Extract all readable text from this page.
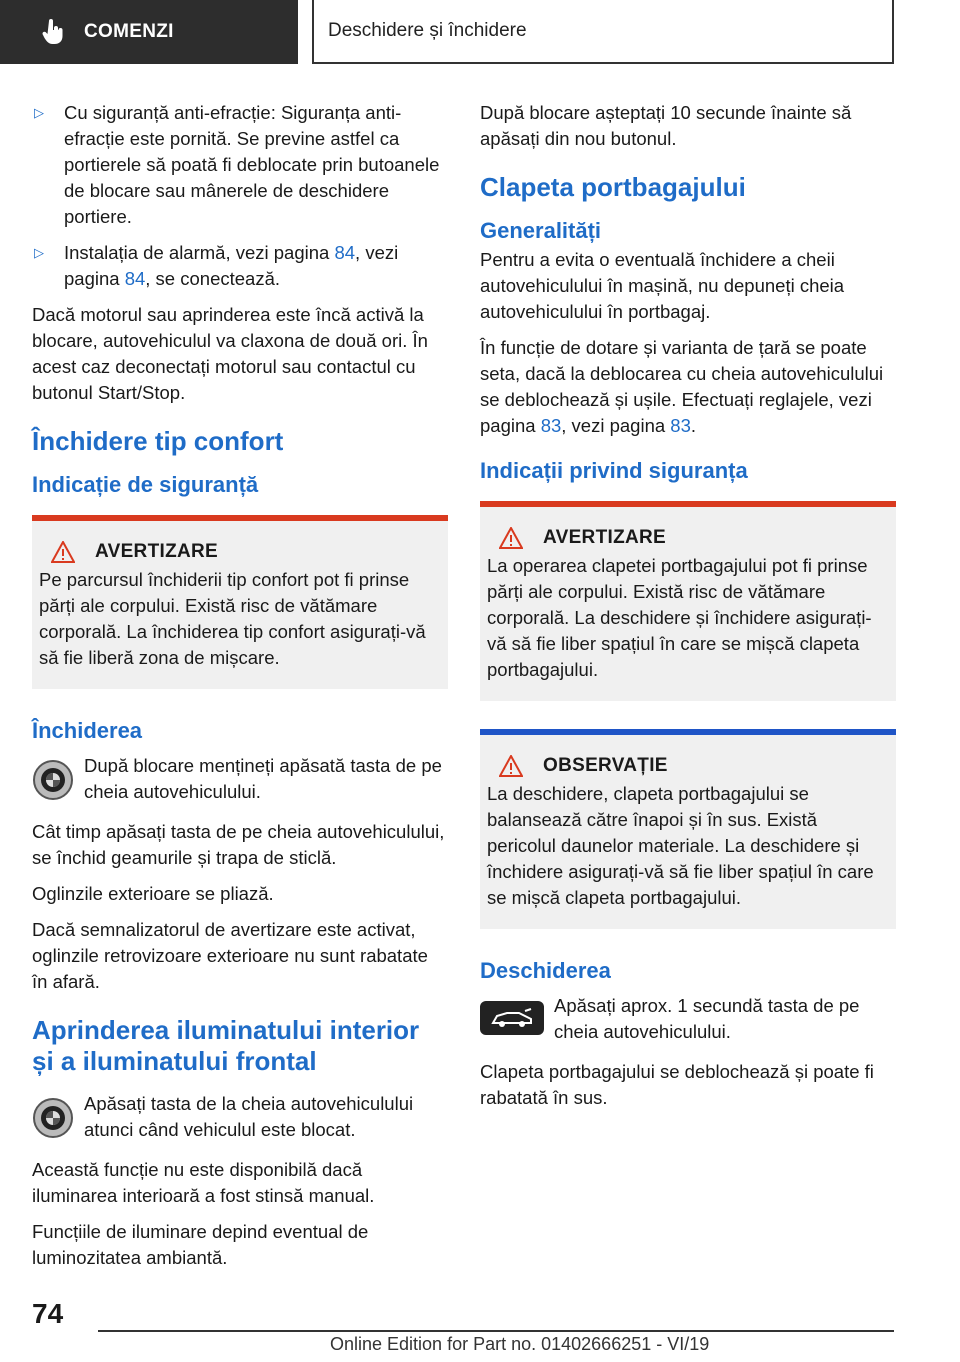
COMENZI	Deschidere și închidere
▷	Cu siguranță anti-efracție: Siguranța anti-efracție este pornită. Se previne astfel ca portierele să poată fi deblocate prin butoanele de blocare sau mânerele de deschidere portiere.
▷	Instalația de alarmă, vezi pagina 84, vezi pagina 84, se conectează.

Dacă motorul sau aprinderea este încă activă la blocare, autovehiculul va claxona de două ori. În acest caz deconectați motorul sau contactul cu butonul Start/Stop.

Închidere tip confort
Indicație de siguranță
AVERTIZARE

Pe parcursul închiderii tip confort pot fi prinse părți ale corpului. Există risc de vătămare corporală. La închiderea tip confort asigurați-vă să fie liberă zona de mișcare.

Închiderea
După blocare mențineți apăsată tasta de pe cheia autovehiculului.

Cât timp apăsați tasta de pe cheia autovehiculului, se închid geamurile și trapa de sticlă.

Oglinzile exterioare se pliază.

Dacă semnalizatorul de avertizare este activat, oglinzile retrovizoare exterioare nu sunt rabatate în afară.

Aprinderea iluminatului interior și a iluminatului frontal
Apăsați tasta de la cheia autovehiculului atunci când vehiculul este blocat.

Această funcție nu este disponibilă dacă iluminarea interioară a fost stinsă manual.

Funcțiile de iluminare depind eventual de luminozitatea ambiantă.

După blocare așteptați 10 secunde înainte să apăsați din nou butonul.

Clapeta portbagajului
Generalități

Pentru a evita o eventuală închidere a cheii autovehiculului în mașină, nu depuneți cheia autovehiculului în portbagaj.

În funcție de dotare și varianta de țară se poate seta, dacă la deblocarea cu cheia autovehiculului se deblochează și ușile. Efectuați reglajele, vezi pagina 83, vezi pagina 83.

Indicații privind siguranța
AVERTIZARE

La operarea clapetei portbagajului pot fi prinse părți ale corpului. Există risc de vătămare corporală. La deschidere și închidere asigurați-vă să fie liber spațiul în care se mișcă clapeta portbagajului.

OBSERVAȚIE

La deschidere, clapeta portbagajului se balansează către înapoi și în sus. Există pericolul daunelor materiale. La deschidere și închidere asigurați-vă să fie liber spațiul în care se mișcă clapeta portbagajului.

Deschiderea
Apăsați aprox. 1 secundă tasta de pe cheia autovehiculului.

Clapeta portbagajului se deblochează și poate fi rabatată în sus.

74
Online Edition for Part no. 01402666251 - VI/19
